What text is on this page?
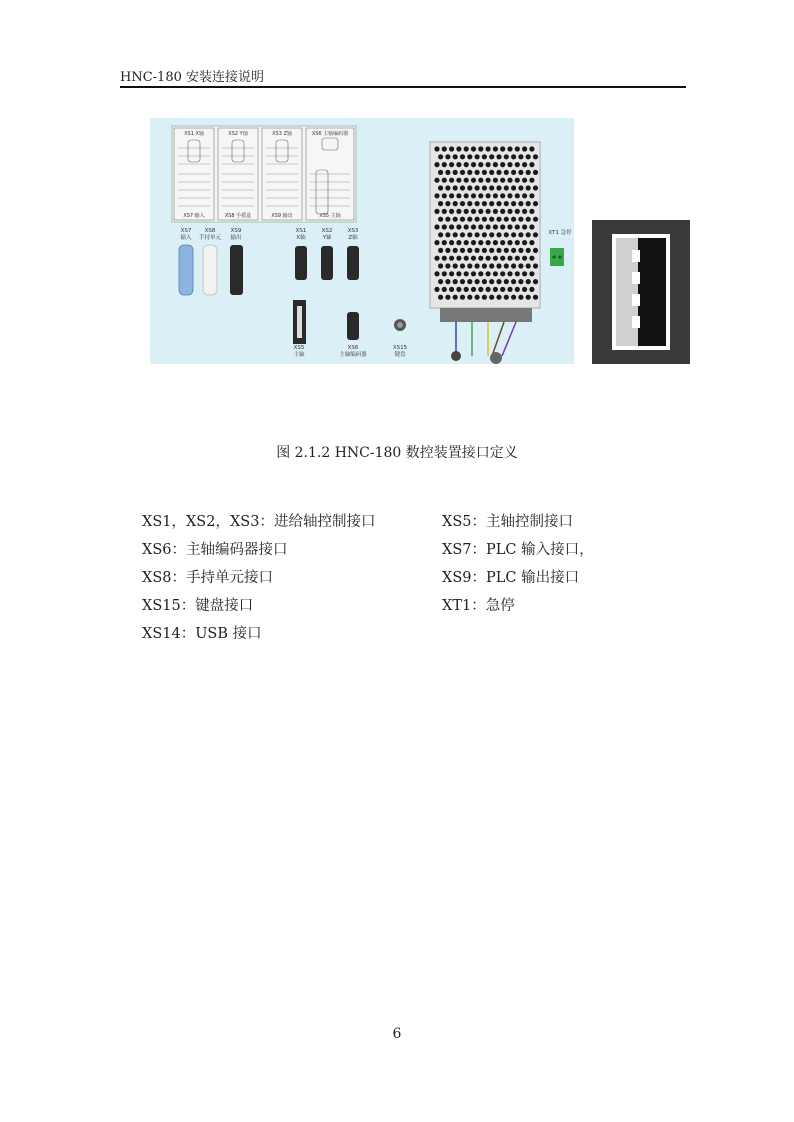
HNC-180 安装连接说明
XS1 X轴
XS7 输入
XS2 Y轴
XS8 手摇盒
XS3 Z轴
XS9 输出
XS6 主轴编码器
XS5 主轴
XS7
输入
XS8
手持单元
XS9
输出
XS1
X轴
XS2
Y轴
XS3
Z轴
XS5
主轴
XS6
主轴编码器
XS15
键盘
XT1 急停
图 2.1.2 HNC-180 数控装置接口定义
XS1，XS2，XS3：进给轴控制接口	XS5：主轴控制接口
XS6：主轴编码器接口	XS7：PLC 输入接口，
XS8：手持单元接口	XS9：PLC 输出接口
XS15：键盘接口	XT1：急停
XS14：USB 接口
6
